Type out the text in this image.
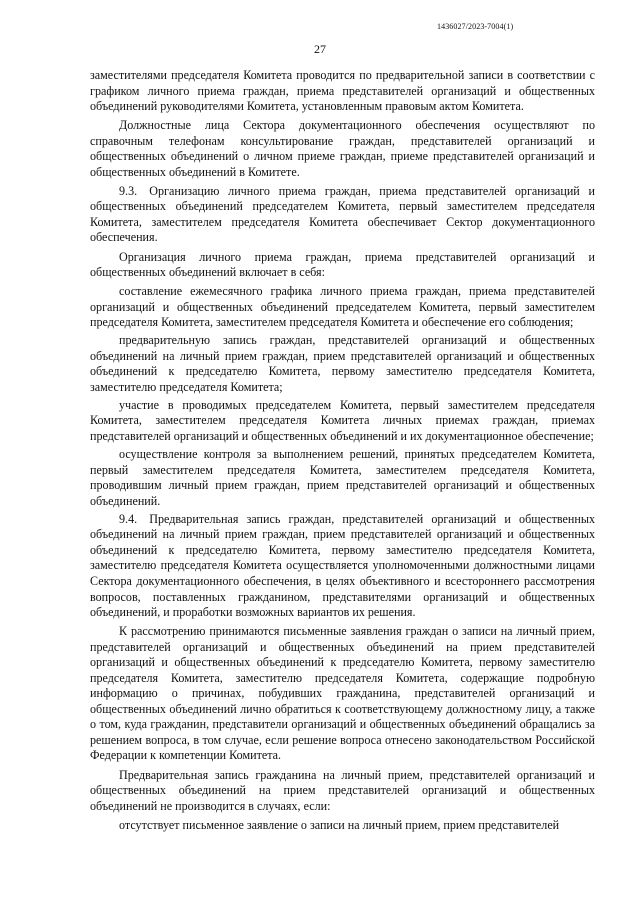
1436027/2023-7004(1)
27

заместителями председателя Комитета проводится по предварительной записи в соответствии с графиком личного приема граждан, приема представителей организаций и общественных объединений руководителями Комитета, установленным правовым актом Комитета.

Должностные лица Сектора документационного обеспечения осуществляют по справочным телефонам консультирование граждан, представителей организаций и общественных объединений о личном приеме граждан, приеме представителей организаций и общественных объединений в Комитете.

9.3. Организацию личного приема граждан, приема представителей организаций и общественных объединений председателем Комитета, первый заместителем председателя Комитета, заместителем председателя Комитета обеспечивает Сектор документационного обеспечения.

Организация личного приема граждан, приема представителей организаций и общественных объединений включает в себя:

составление ежемесячного графика личного приема граждан, приема представителей организаций и общественных объединений председателем Комитета, первый заместителем председателя Комитета, заместителем председателя Комитета и обеспечение его соблюдения;

предварительную запись граждан, представителей организаций и общественных объединений на личный прием граждан, прием представителей организаций и общественных объединений к председателю Комитета, первому заместителю председателя Комитета, заместителю председателя Комитета;

участие в проводимых председателем Комитета, первый заместителем председателя Комитета, заместителем председателя Комитета личных приемах граждан, приемах представителей организаций и общественных объединений и их документационное обеспечение;

осуществление контроля за выполнением решений, принятых председателем Комитета, первый заместителем председателя Комитета, заместителем председателя Комитета, проводившим личный прием граждан, прием представителей организаций и общественных объединений.

9.4. Предварительная запись граждан, представителей организаций и общественных объединений на личный прием граждан, прием представителей организаций и общественных объединений к председателю Комитета, первому заместителю председателя Комитета, заместителю председателя Комитета осуществляется уполномоченными должностными лицами Сектора документационного обеспечения, в целях объективного и всестороннего рассмотрения вопросов, поставленных гражданином, представителями организаций и общественных объединений, и проработки возможных вариантов их решения.

К рассмотрению принимаются письменные заявления граждан о записи на личный прием, представителей организаций и общественных объединений на прием представителей организаций и общественных объединений к председателю Комитета, первому заместителю председателя Комитета, заместителю председателя Комитета, содержащие подробную информацию о причинах, побудивших гражданина, представителей организаций и общественных объединений лично обратиться к соответствующему должностному лицу, а также о том, куда гражданин, представители организаций и общественных объединений обращались за решением вопроса, в том случае, если решение вопроса отнесено законодательством Российской Федерации к компетенции Комитета.

Предварительная запись гражданина на личный прием, представителей организаций и общественных объединений на прием представителей организаций и общественных объединений не производится в случаях, если:

отсутствует письменное заявление о записи на личный прием, прием представителей
